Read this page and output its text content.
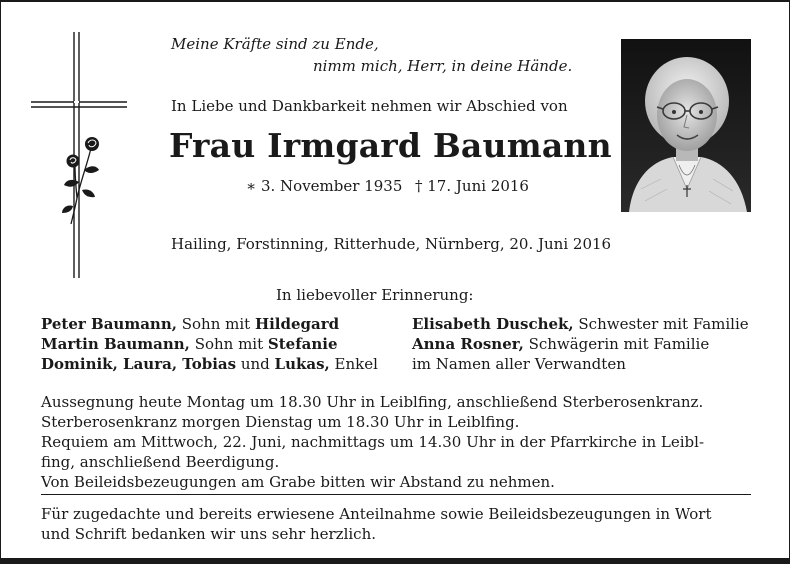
Meine Kräfte sind zu Ende,
nimm mich, Herr, in deine Hände.
In Liebe und Dankbarkeit nehmen wir Abschied von
Frau Irmgard Baumann
∗ 3. November 1935 † 17. Juni 2016
Hailing, Forstinning, Ritterhude, Nürnberg, 20. Juni 2016
In liebevoller Erinnerung:
Peter Baumann, Sohn mit Hildegard
Martin Baumann, Sohn mit Stefanie
Dominik, Laura, Tobias und Lukas, Enkel
Elisabeth Duschek, Schwester mit Familie
Anna Rosner, Schwägerin mit Familie
im Namen aller Verwandten
Aussegnung heute Montag um 18.30 Uhr in Leiblfing, anschließend Sterberosenkranz.
Sterberosenkranz morgen Dienstag um 18.30 Uhr in Leiblfing.
Requiem am Mittwoch, 22. Juni, nachmittags um 14.30 Uhr in der Pfarrkirche in Leibl-
fing, anschließend Beerdigung.
Von Beileidsbezeugungen am Grabe bitten wir Abstand zu nehmen.
Für zugedachte und bereits erwiesene Anteilnahme sowie Beileidsbezeugungen in Wort
und Schrift bedanken wir uns sehr herzlich.
